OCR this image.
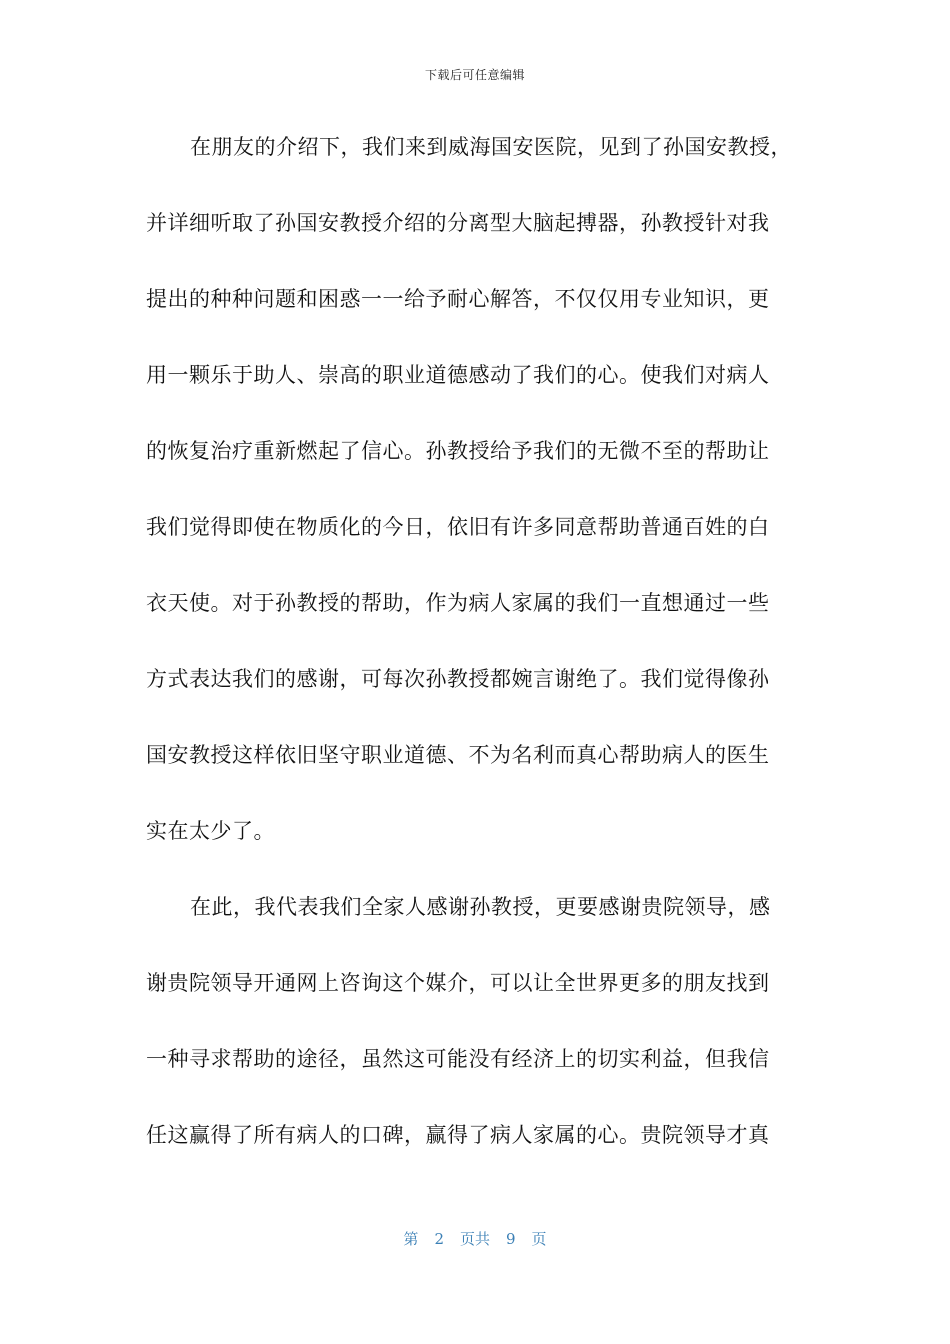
下载后可任意编辑
在朋友的介绍下，我们来到威海国安医院，见到了孙国安教授，
并详细听取了孙国安教授介绍的分离型大脑起搏器，孙教授针对我
提出的种种问题和困惑一一给予耐心解答，不仅仅用专业知识，更
用一颗乐于助人、崇高的职业道德感动了我们的心。使我们对病人
的恢复治疗重新燃起了信心。孙教授给予我们的无微不至的帮助让
我们觉得即使在物质化的今日，依旧有许多同意帮助普通百姓的白
衣天使。对于孙教授的帮助，作为病人家属的我们一直想通过一些
方式表达我们的感谢，可每次孙教授都婉言谢绝了。我们觉得像孙
国安教授这样依旧坚守职业道德、不为名利而真心帮助病人的医生
实在太少了。
在此，我代表我们全家人感谢孙教授，更要感谢贵院领导，感
谢贵院领导开通网上咨询这个媒介，可以让全世界更多的朋友找到
一种寻求帮助的途径，虽然这可能没有经济上的切实利益，但我信
任这赢得了所有病人的口碑，赢得了病人家属的心。贵院领导才真
第 2 页共 9 页
